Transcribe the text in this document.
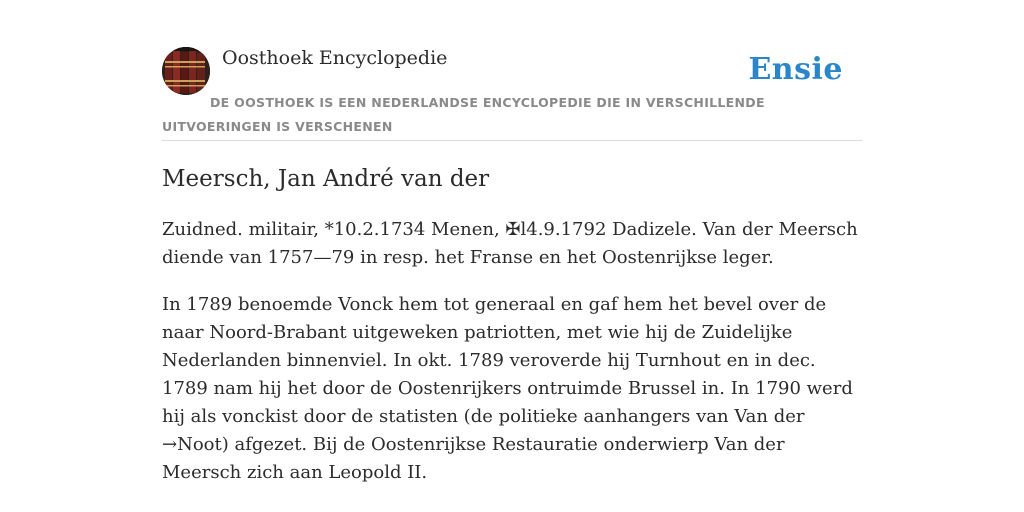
Oosthoek Encyclopedie	Ensie
DE OOSTHOEK IS EEN NEDERLANDSE ENCYCLOPEDIE DIE IN VERSCHILLENDE UITVOERINGEN IS VERSCHENEN
Meersch, Jan André van der

Zuidned. militair, *10.2.1734 Menen, ✠l4.9.1792 Dadizele. Van der Meersch diende van 1757—79 in resp. het Franse en het Oostenrijkse leger.

In 1789 benoemde Vonck hem tot generaal en gaf hem het bevel over de naar Noord-Brabant uitgeweken patriotten, met wie hij de Zuidelijke Nederlanden binnenviel. In okt. 1789 veroverde hij Turnhout en in dec. 1789 nam hij het door de Oostenrijkers ontruimde Brussel in. In 1790 werd hij als vonckist door de statisten (de politieke aanhangers van Van der →Noot) afgezet. Bij de Oostenrijkse Restauratie onderwierp Van der Meersch zich aan Leopold II.
